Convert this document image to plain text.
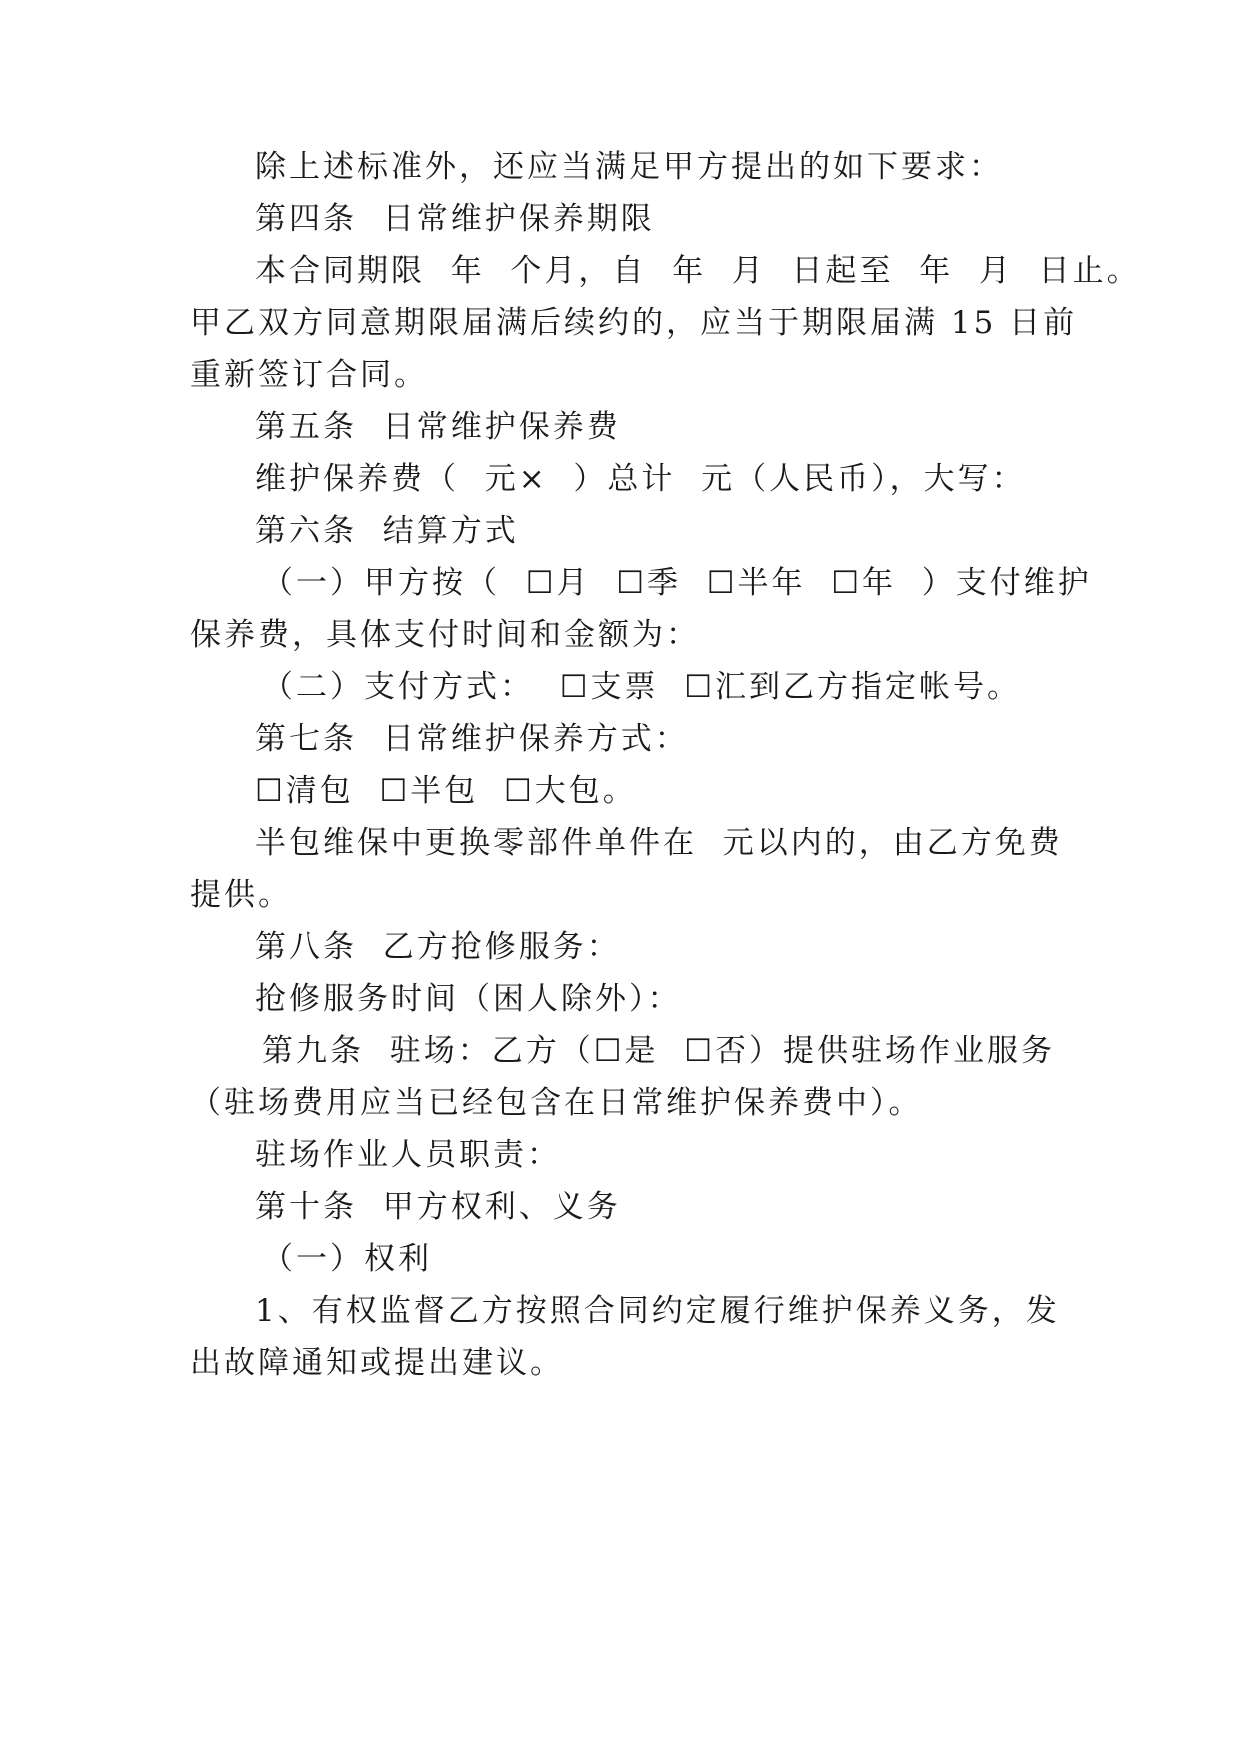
除上述标准外，还应当满足甲方提出的如下要求：
第四条  日常维护保养期限
本合同期限  年  个月，自  年  月  日起至  年  月  日止。
甲乙双方同意期限届满后续约的，应当于期限届满 15 日前
重新签订合同。
第五条  日常维护保养费
维护保养费（  元×  ）总计  元（人民币），大写：
第六条  结算方式
（一）甲方按（  ☐月  ☐季  ☐半年  ☐年  ）支付维护
保养费，具体支付时间和金额为：
（二）支付方式：  ☐支票  ☐汇到乙方指定帐号。
第七条  日常维护保养方式：
☐清包  ☐半包  ☐大包。
半包维保中更换零部件单件在  元以内的，由乙方免费
提供。
第八条  乙方抢修服务：
抢修服务时间（困人除外）：
第九条  驻场：乙方（☐是  ☐否）提供驻场作业服务
（驻场费用应当已经包含在日常维护保养费中）。
驻场作业人员职责：
第十条  甲方权利、义务
（一）权利
1、有权监督乙方按照合同约定履行维护保养义务，发
出故障通知或提出建议。
